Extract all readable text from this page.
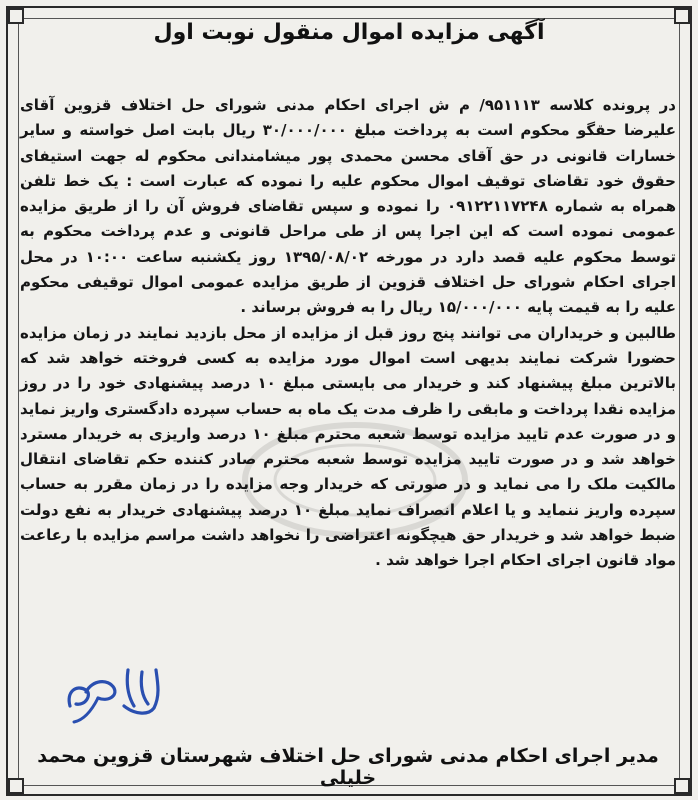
آگهی مزایده اموال منقول نوبت اول

در پرونده کلاسه ۹۵۱۱۱۳/ م ش اجرای احکام مدنی شورای حل اختلاف قزوین آقای علیرضا حقگو محکوم است به پرداخت مبلغ ۳۰/۰۰۰/۰۰۰ ریال بابت اصل خواسته و سایر خسارات قانونی در حق آقای محسن محمدی پور میشامندانی محکوم له جهت استیفای حقوق خود تقاضای توقیف اموال محکوم علیه را نموده که عبارت است : یک خط تلفن همراه به شماره ۰۹۱۲۲۱۱۷۲۴۸ را نموده و سپس تقاضای فروش آن را از طریق مزایده عمومی نموده است که این اجرا پس از طی مراحل قانونی و عدم پرداخت محکوم به توسط محکوم علیه قصد دارد در مورخه ۱۳۹۵/۰۸/۰۲ روز یکشنبه ساعت ۱۰:۰۰ در محل اجرای احکام شورای حل اختلاف قزوین از طریق مزایده عمومی اموال توقیفی محکوم علیه را به قیمت پایه ۱۵/۰۰۰/۰۰۰ ریال را به فروش برساند .

طالبین و خریداران می توانند پنج روز قبل از مزایده از محل بازدید نمایند در زمان مزایده حضورا شرکت نمایند بدیهی است اموال مورد مزایده به کسی فروخته خواهد شد که بالاترین مبلغ پیشنهاد کند و خریدار می بایستی مبلغ ۱۰ درصد پیشنهادی خود را در روز مزایده نقدا پرداخت و مابقی را ظرف مدت یک ماه به حساب سپرده دادگستری واریز نماید و در صورت عدم تایید مزایده توسط شعبه محترم مبلغ ۱۰ درصد واریزی به خریدار مسترد خواهد شد و در صورت تایید مزایده توسط شعبه محترم صادر کننده حکم تقاضای انتقال مالکیت ملک را می نماید و در صورتی که خریدار وجه مزایده را در زمان مقرر به حساب سپرده واریز ننماید و یا اعلام انصراف نماید مبلغ ۱۰ درصد پیشنهادی خریدار به نفع دولت ضبط خواهد شد و خریدار حق هیچگونه اعتراضی را نخواهد داشت مراسم مزایده با رعاعت مواد قانون اجرای احکام اجرا خواهد شد .

مدیر اجرای احکام مدنی شورای حل اختلاف شهرستان قزوین محمد خلیلی
